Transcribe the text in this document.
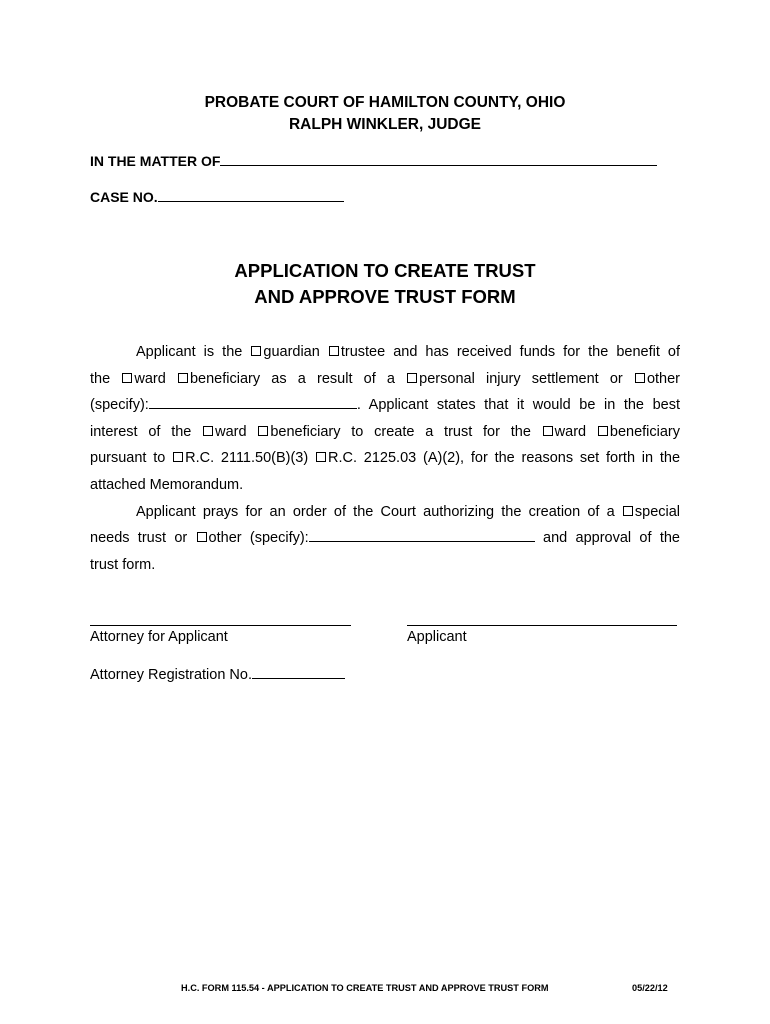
PROBATE COURT OF HAMILTON COUNTY, OHIO
RALPH WINKLER, JUDGE
IN THE MATTER OF
CASE NO.
APPLICATION TO CREATE TRUST
AND APPROVE TRUST FORM
Applicant is the guardian trustee and has received funds for the benefit of
the ward beneficiary as a result of a personal injury settlement or other
(specify):	. Applicant states that it would be in the best
interest of the ward beneficiary to create a trust for the ward beneficiary
pursuant to R.C. 2111.50(B)(3) R.C. 2125.03 (A)(2), for the reasons set forth in the
attached Memorandum.
Applicant prays for an order of the Court authorizing the creation of a special
needs trust or other (specify):	and approval of the
trust form.
Attorney for Applicant	Applicant
Attorney Registration No.
H.C. FORM 115.54 - APPLICATION TO CREATE TRUST AND APPROVE TRUST FORM	05/22/12
